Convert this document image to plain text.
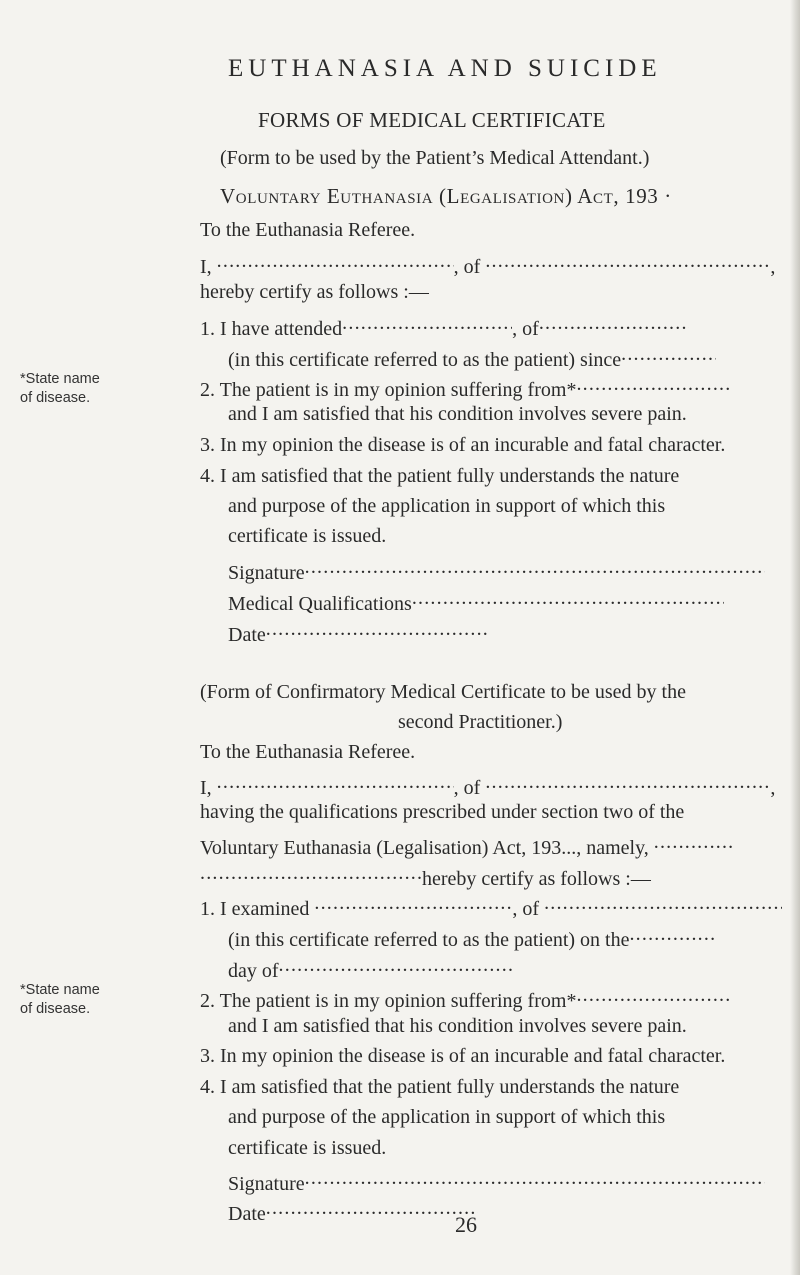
EUTHANASIA AND SUICIDE
FORMS OF MEDICAL CERTIFICATE
(Form to be used by the Patient’s Medical Attendant.)
Voluntary Euthanasia (Legalisation) Act, 193 ·
To the Euthanasia Referee.
I, .....	, of .....	,
hereby certify as follows :—
1. I have attended .....	, of.....
(in this certificate referred to as the patient) since.....
*State name
of disease.	2. The patient is in my opinion suffering from*.....
and I am satisfied that his condition involves severe pain.
3. In my opinion the disease is of an incurable and fatal character.
4. I am satisfied that the patient fully understands the nature
and purpose of the application in support of which this
certificate is issued.
Signature.....
Medical Qualifications.....
Date.....
(Form of Confirmatory Medical Certificate to be used by the
second Practitioner.)
To the Euthanasia Referee.
I, .....	, of .....	,
having the qualifications prescribed under section two of the
Voluntary Euthanasia (Legalisation) Act, 193..., namely, .....
.....hereby certify as follows :—
1. I examined .....	, of .....
(in this certificate referred to as the patient) on the.....
day of.....
*State name
of disease.	2. The patient is in my opinion suffering from*.....
and I am satisfied that his condition involves severe pain.
3. In my opinion the disease is of an incurable and fatal character.
4. I am satisfied that the patient fully understands the nature
and purpose of the application in support of which this
certificate is issued.
Signature.....
Date.....	26
